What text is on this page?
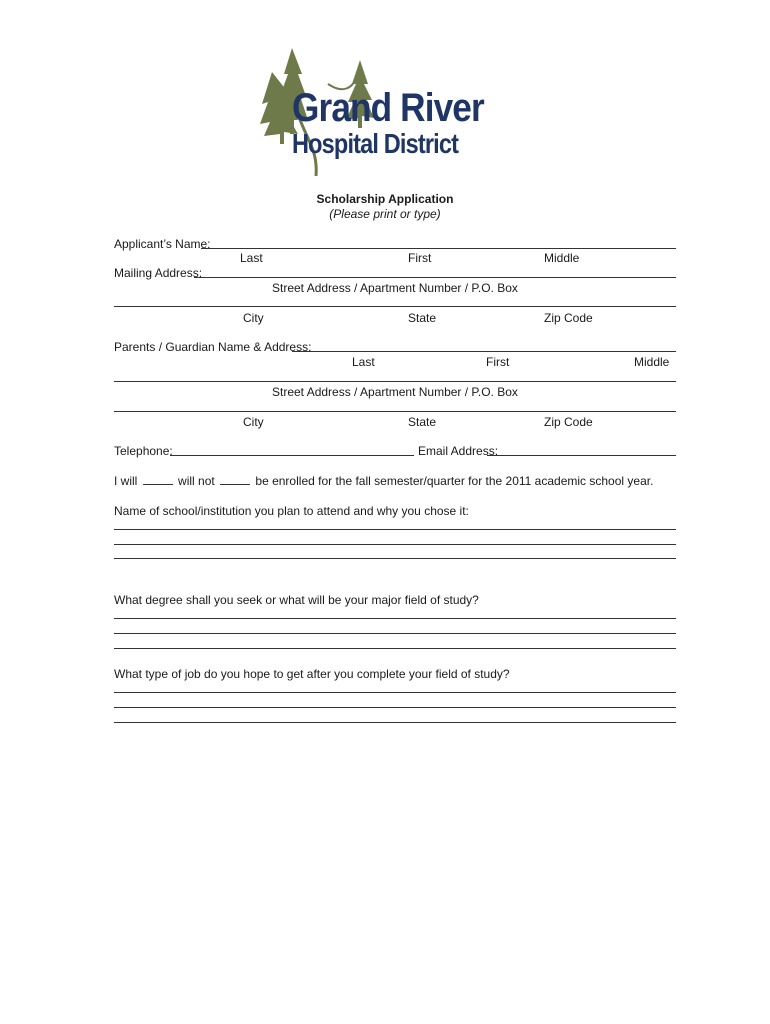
Grand River
Hospital District
Scholarship Application
(Please print or type)
Applicant’s Name:
Last	First	Middle
Mailing Address:
Street Address / Apartment Number / P.O. Box
City	State	Zip Code
Parents / Guardian Name & Address:
Last	First	Middle
Street Address / Apartment Number / P.O. Box
City	State	Zip Code
Telephone:	Email Address:
I will	will not	be enrolled for the fall semester/quarter for the 2011 academic school year.
Name of school/institution you plan to attend and why you chose it:
What degree shall you seek or what will be your major field of study?
What type of job do you hope to get after you complete your field of study?
